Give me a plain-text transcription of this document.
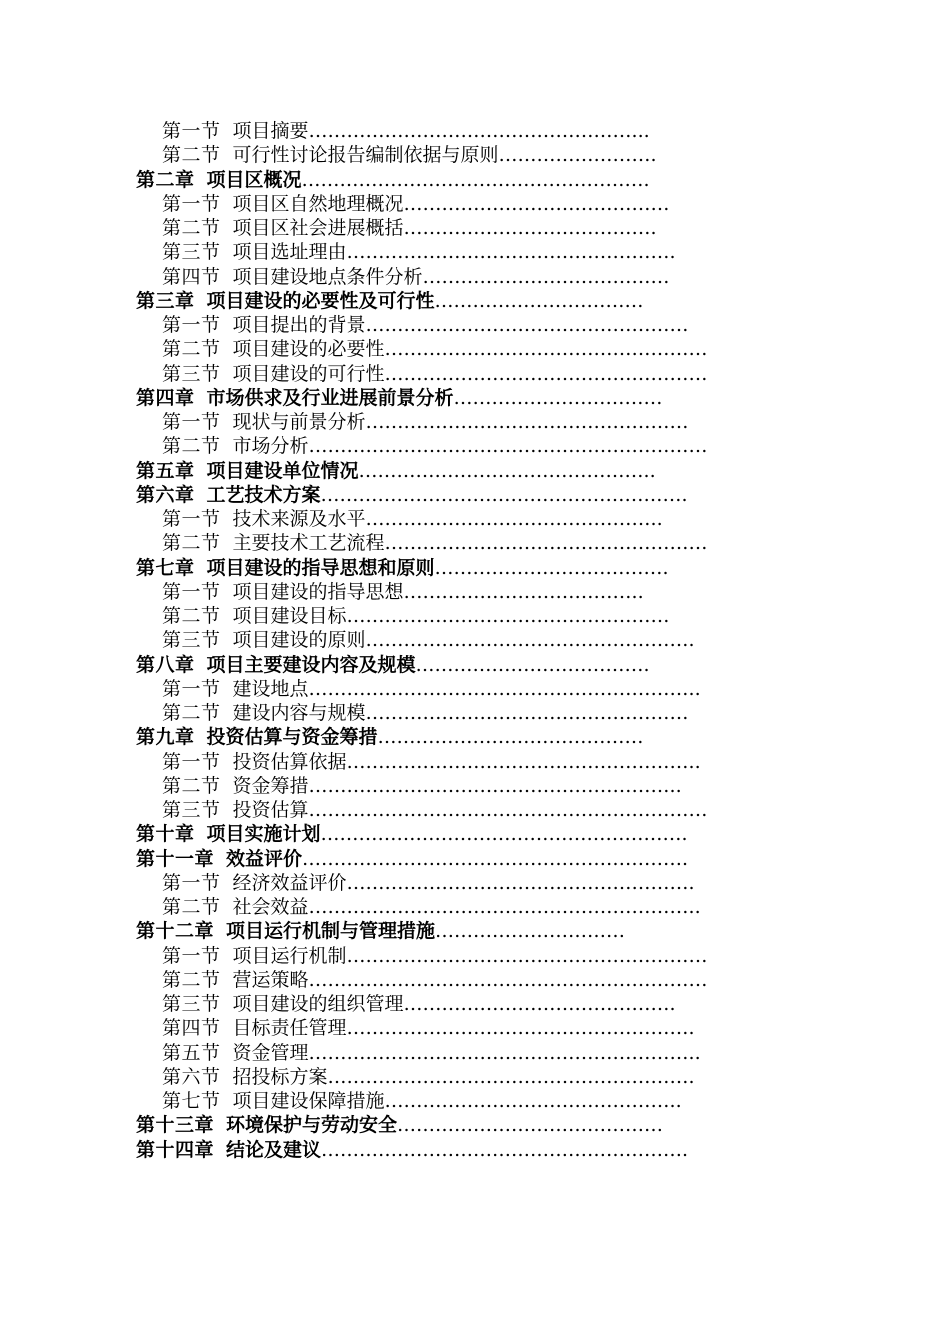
第一节 项目摘要……………………………………………...
第二节 可行性讨论报告编制依据与原则…………………….
第二章 项目区概况……………………………………………….
第一节 项目区自然地理概况……………………………………
第二节 项目区社会进展概括………………………………….
第三节 项目选址理由…………………………………………….
第四节 项目建设地点条件分析…………………………………
第三章 项目建设的必要性及可行性……………………………
第一节 项目提出的背景……………………………………………
第二节 项目建设的必要性……………………………………………
第三节 项目建设的可行性……………………………………………
第四章 市场供求及行业进展前景分析……………………………
第一节 现状与前景分析……………………………………………
第二节 市场分析………………………………………………………
第五章 项目建设单位情况………………………………………..
第六章 工艺技术方案………………………………………………….
第一节 技术来源及水平………………………………………..
第二节 主要技术工艺流程……………………………………………
第七章 项目建设的指导思想和原则……………………………….
第一节 项目建设的指导思想………………………………..
第二节 项目建设目标……………………………………………
第三节 项目建设的原则…………………………………………….
第八章 项目主要建设内容及规模……………………………….
第一节 建设地点……………………………………………………..
第二节 建设内容与规模……………………………………………
第九章 投资估算与资金筹措……………………………………
第一节 投资估算依据………………………………………………..
第二节 资金筹措…………………………………………………..
第三节 投资估算………………………………………………………
第十章 项目实施计划………………………………………………….
第十一章 效益评价…………………………………………………….
第一节 经济效益评价……………………………………………….
第二节 社会效益……………………………………………………..
第十二章 项目运行机制与管理措施…………………………
第一节 项目运行机制…………………………………………………
第二节 营运策略………………………………………………………
第三节 项目建设的组织管理…………………………………….
第四节 目标责任管理……………………………………………….
第五节 资金管理……………………………………………………..
第六节 招投标方案………………………………………………….
第七节 项目建设保障措施………………………………………..
第十三章 环境保护与劳动安全……………………………………
第十四章 结论及建议………………………………………………….
